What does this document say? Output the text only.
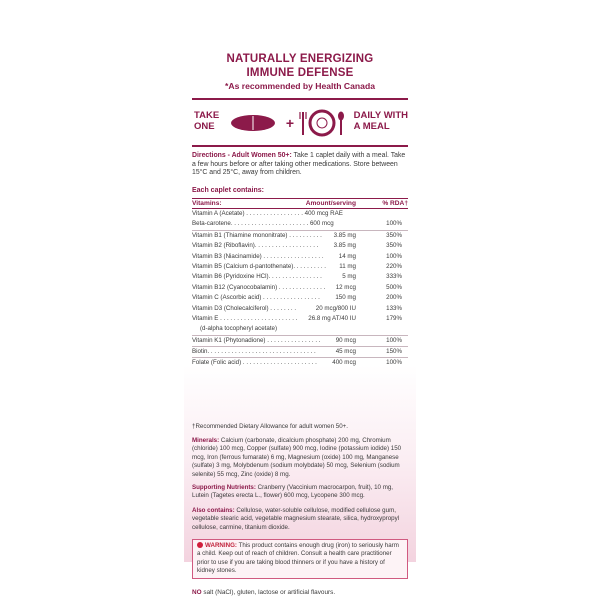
NATURALLY ENERGIZING
IMMUNE DEFENSE
*As recommended by Health Canada
TAKE
ONE	+	DAILY WITH
A MEAL
Directions - Adult Women 50+: Take 1 caplet daily with a meal. Take a few hours before or after taking other medications. Store between 15°C and 25°C, away from children.
Each caplet contains:
Vitamins:	Amount/serving	% RDA†
Vitamin A (Acetate) . . . . . . . . . . . . . . . . . 400 mcg RAE
Beta-carotene. . . . . . . . . . . . . . . . . . . . . . . 600 mcg	100%
Vitamin B1 (Thiamine mononitrate) . . . . . . . . . . 3.85 mg	350%
Vitamin B2 (Riboflavin). . . . . . . . . . . . . . . . . . . 3.85 mg	350%
Vitamin B3 (Niacinamide) . . . . . . . . . . . . . . . . . . 14 mg	100%
Vitamin B5 (Calcium d-pantothenate). . . . . . . . . . 11 mg	220%
Vitamin B6 (Pyridoxine HCl). . . . . . . . . . . . . . . .	5 mg	333%
Vitamin B12 (Cyanocobalamin) . . . . . . . . . . . . . . 12 mcg	500%
Vitamin C (Ascorbic acid) . . . . . . . . . . . . . . . . .	150 mg	200%
Vitamin D3 (Cholecalciferol) . . . . . . . .	20 mcg/800 IU	133%
Vitamin E . . . . . . . . . . . . . . . . . . . . . . . 26.8 mg AT/40 IU	179%
(d-alpha tocopheryl acetate)
Vitamin K1 (Phytonadione) . . . . . . . . . . . . . . . . 90 mcg	100%
Biotin. . . . . . . . . . . . . . . . . . . . . . . . . . . . . . . .	45 mcg	150%
Folate (Folic acid) . . . . . . . . . . . . . . . . . . . . . . 400 mcg	100%
†Recommended Dietary Allowance for adult women 50+.
Minerals: Calcium (carbonate, dicalcium phosphate) 200 mg, Chromium (chloride) 100 mcg, Copper (sulfate) 900 mcg, Iodine (potassium iodide) 150 mcg, Iron (ferrous fumarate) 6 mg, Magnesium (oxide) 100 mg, Manganese (sulfate) 3 mg, Molybdenum (sodium molybdate) 50 mcg, Selenium (sodium selenite) 55 mcg, Zinc (oxide) 8 mg.
Supporting Nutrients: Cranberry (Vaccinium macrocarpon, fruit), 10 mg, Lutein (Tagetes erecta L., flower) 600 mcg, Lycopene 300 mcg.
Also contains: Cellulose, water-soluble cellulose, modified cellulose gum, vegetable stearic acid, vegetable magnesium stearate, silica, hydroxypropyl cellulose, carmine, titanium dioxide.
WARNING: This product contains enough drug (iron) to seriously harm a child. Keep out of reach of children. Consult a health care practitioner prior to use if you are taking blood thinners or if you have a history of kidney stones.
NO salt (NaCl), gluten, lactose or artificial flavours.
